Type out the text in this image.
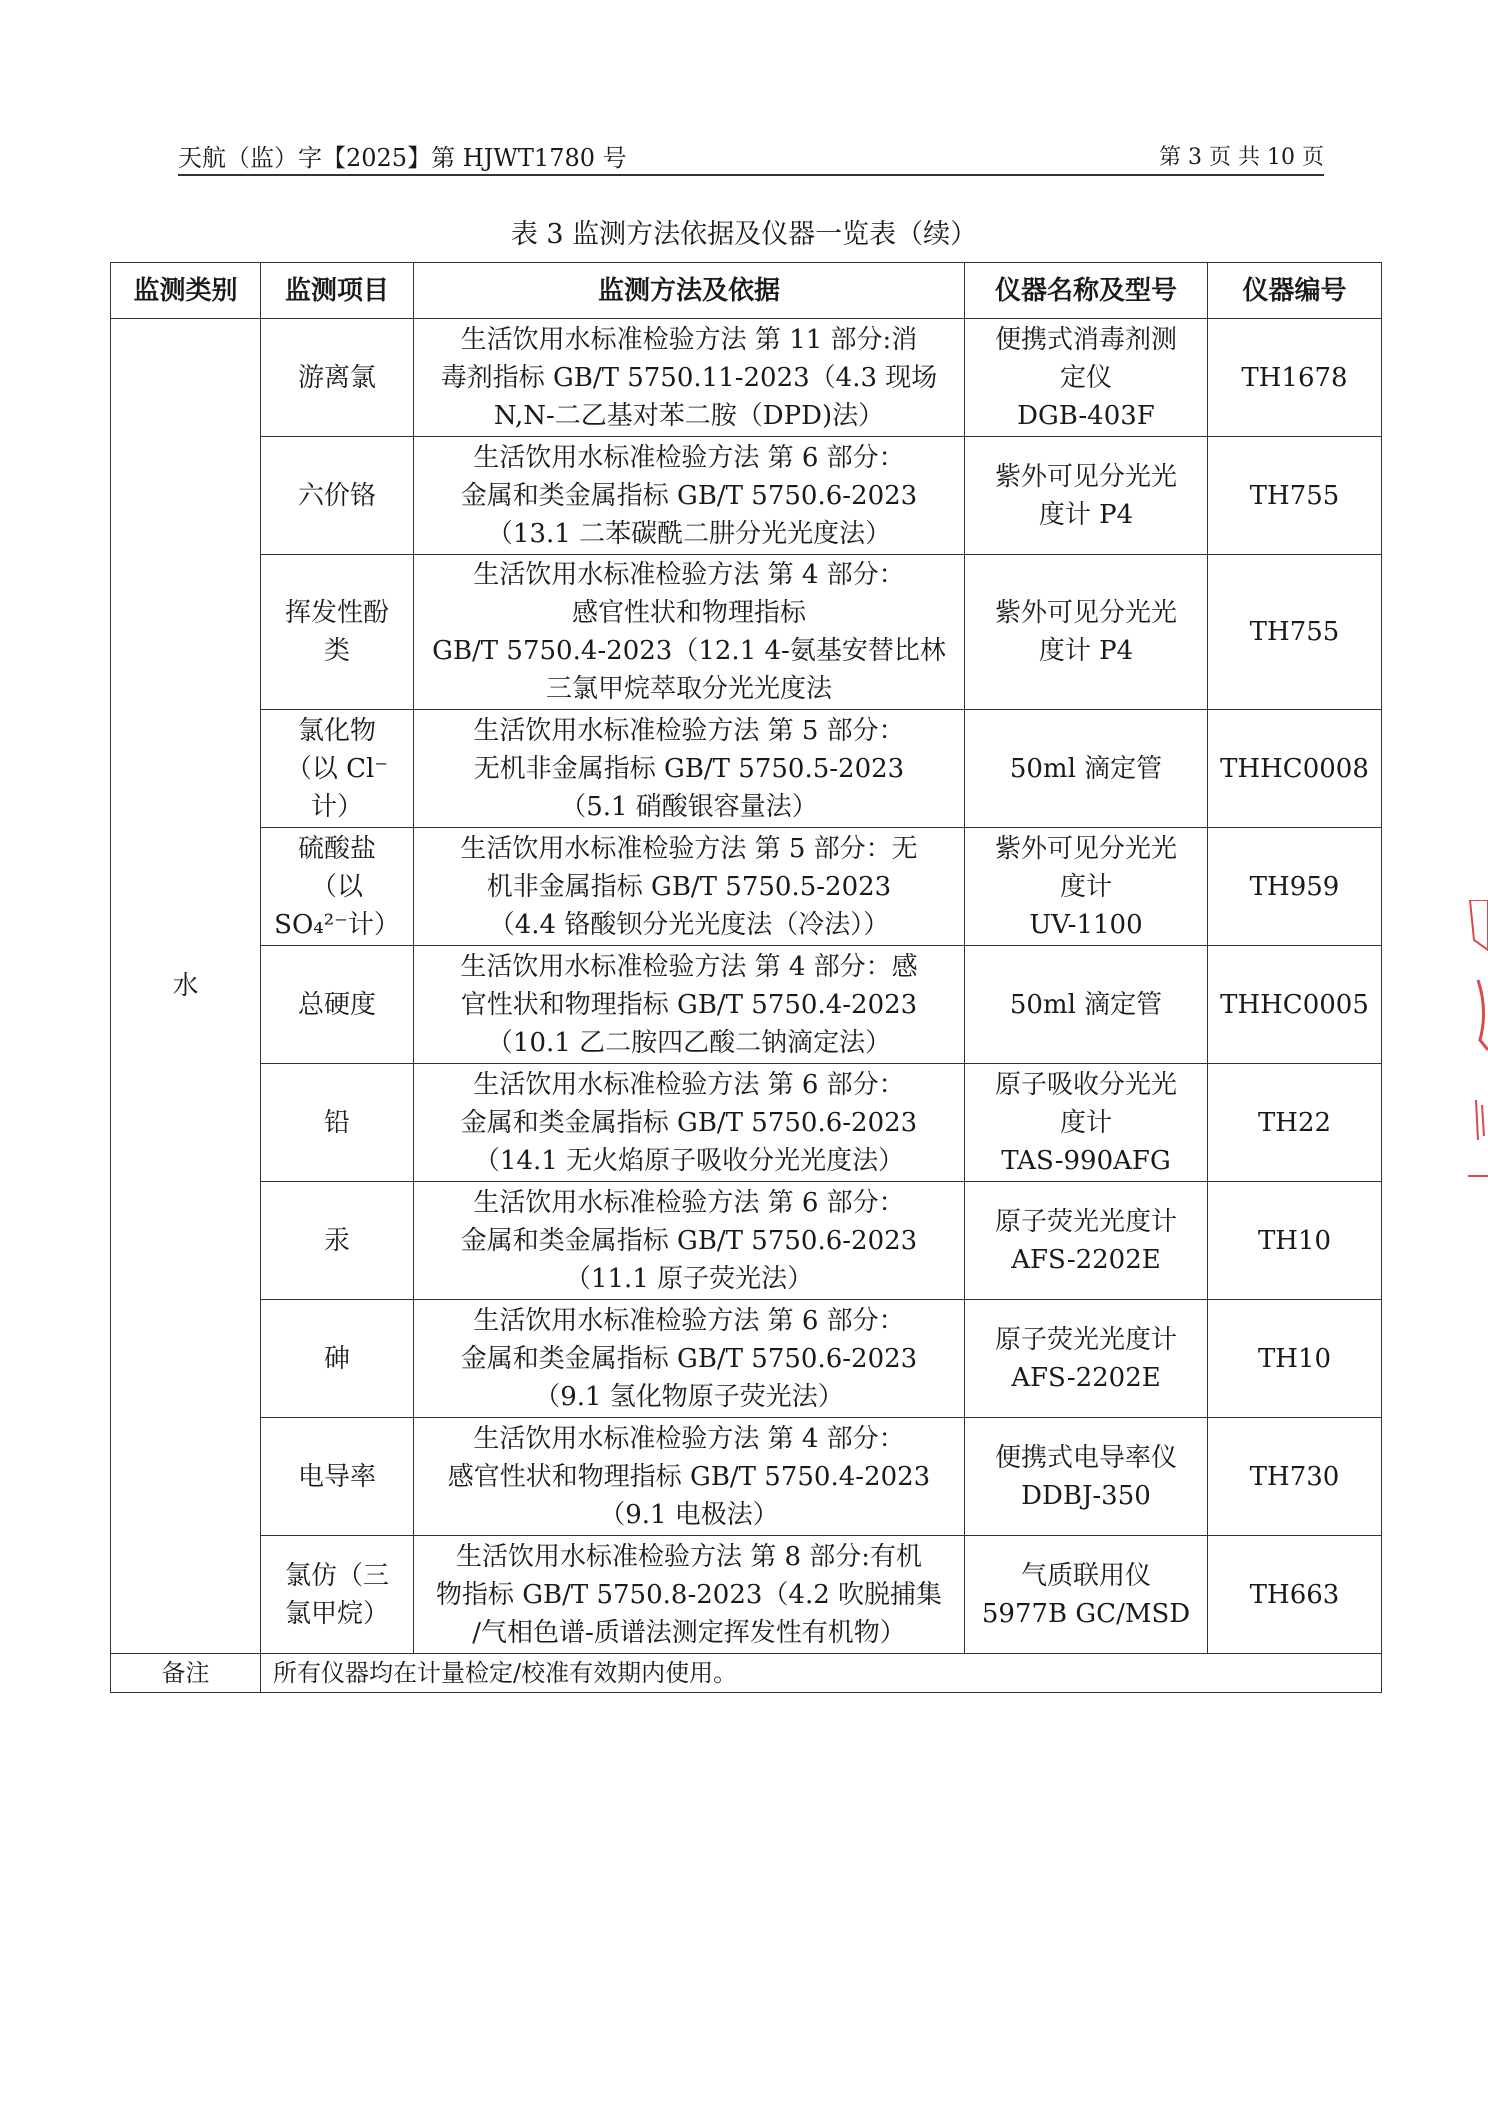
天航（监）字【2025】第 HJWT1780 号	第 3 页 共 10 页
表 3 监测方法依据及仪器一览表（续）
监测类别	监测项目	监测方法及依据	仪器名称及型号	仪器编号
水	游离氯	生活饮用水标准检验方法 第 11 部分:消
毒剂指标 GB/T 5750.11-2023（4.3 现场
N,N-二乙基对苯二胺（DPD)法）	便携式消毒剂测
定仪
DGB-403F	TH1678

	六价铬	生活饮用水标准检验方法 第 6 部分：
金属和类金属指标 GB/T 5750.6-2023
（13.1 二苯碳酰二肼分光光度法）	紫外可见分光光
度计 P4	TH755

	挥发性酚
类	生活饮用水标准检验方法 第 4 部分：
感官性状和物理指标
GB/T 5750.4-2023（12.1 4-氨基安替比林
三氯甲烷萃取分光光度法	紫外可见分光光
度计 P4	TH755

	氯化物
（以 Cl⁻
计）	生活饮用水标准检验方法 第 5 部分：
无机非金属指标 GB/T 5750.5-2023
（5.1 硝酸银容量法）	50ml 滴定管	THHC0008

	硫酸盐
（以
SO₄²⁻计）	生活饮用水标准检验方法 第 5 部分：无
机非金属指标 GB/T 5750.5-2023
（4.4 铬酸钡分光光度法（冷法））	紫外可见分光光
度计
UV-1100	TH959

	总硬度	生活饮用水标准检验方法 第 4 部分：感
官性状和物理指标 GB/T 5750.4-2023
（10.1 乙二胺四乙酸二钠滴定法）	50ml 滴定管	THHC0005

	铅	生活饮用水标准检验方法 第 6 部分：
金属和类金属指标 GB/T 5750.6-2023
（14.1 无火焰原子吸收分光光度法）	原子吸收分光光
度计
TAS-990AFG	TH22

	汞	生活饮用水标准检验方法 第 6 部分：
金属和类金属指标 GB/T 5750.6-2023
（11.1 原子荧光法）	原子荧光光度计
AFS-2202E	TH10

	砷	生活饮用水标准检验方法 第 6 部分：
金属和类金属指标 GB/T 5750.6-2023
（9.1 氢化物原子荧光法）	原子荧光光度计
AFS-2202E	TH10

	电导率	生活饮用水标准检验方法 第 4 部分：
感官性状和物理指标 GB/T 5750.4-2023
（9.1 电极法）	便携式电导率仪
DDBJ-350	TH730

	氯仿（三
氯甲烷）	生活饮用水标准检验方法 第 8 部分:有机
物指标 GB/T 5750.8-2023（4.2 吹脱捕集
/气相色谱-质谱法测定挥发性有机物）	气质联用仪
5977B GC/MSD	TH663
备注	所有仪器均在计量检定/校准有效期内使用。			
